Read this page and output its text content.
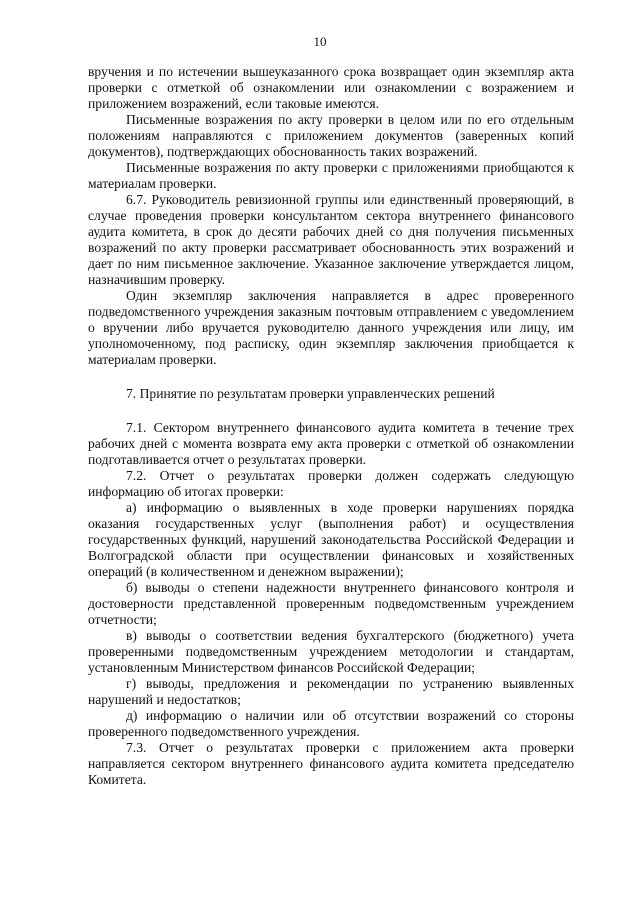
10

вручения и по истечении вышеуказанного срока возвращает один экземпляр акта проверки с отметкой об ознакомлении или ознакомлении с возражением и приложением возражений, если таковые имеются.

Письменные возражения по акту проверки в целом или по его отдельным положениям направляются с приложением документов (заверенных копий документов), подтверждающих обоснованность таких возражений.

Письменные возражения по акту проверки с приложениями приобщаются к материалам проверки.

6.7. Руководитель ревизионной группы или единственный проверяющий, в случае проведения проверки консультантом сектора внутреннего финансового аудита комитета, в срок до десяти рабочих дней со дня получения письменных возражений по акту проверки рассматривает обоснованность этих возражений и дает по ним письменное заключение. Указанное заключение утверждается лицом, назначившим проверку.

Один экземпляр заключения направляется в адрес проверенного подведомственного учреждения заказным почтовым отправлением с уведомлением о вручении либо вручается руководителю данного учреждения или лицу, им уполномоченному, под расписку, один экземпляр заключения приобщается к материалам проверки.

7. Принятие по результатам проверки управленческих решений

7.1. Сектором внутреннего финансового аудита комитета в течение трех рабочих дней с момента возврата ему акта проверки с отметкой об ознакомлении подготавливается отчет о результатах проверки.

7.2. Отчет о результатах проверки должен содержать следующую информацию об итогах проверки:

а) информацию о выявленных в ходе проверки нарушениях порядка оказания государственных услуг (выполнения работ) и осуществления государственных функций, нарушений законодательства Российской Федерации и Волгоградской области при осуществлении финансовых и хозяйственных операций (в количественном и денежном выражении);

б) выводы о степени надежности внутреннего финансового контроля и достоверности представленной проверенным подведомственным учреждением отчетности;

в) выводы о соответствии ведения бухгалтерского (бюджетного) учета проверенными подведомственным учреждением методологии и стандартам, установленным Министерством финансов Российской Федерации;

г) выводы, предложения и рекомендации по устранению выявленных нарушений и недостатков;

д) информацию о наличии или об отсутствии возражений со стороны проверенного подведомственного учреждения.

7.3. Отчет о результатах проверки с приложением акта проверки направляется сектором внутреннего финансового аудита комитета председателю Комитета.
